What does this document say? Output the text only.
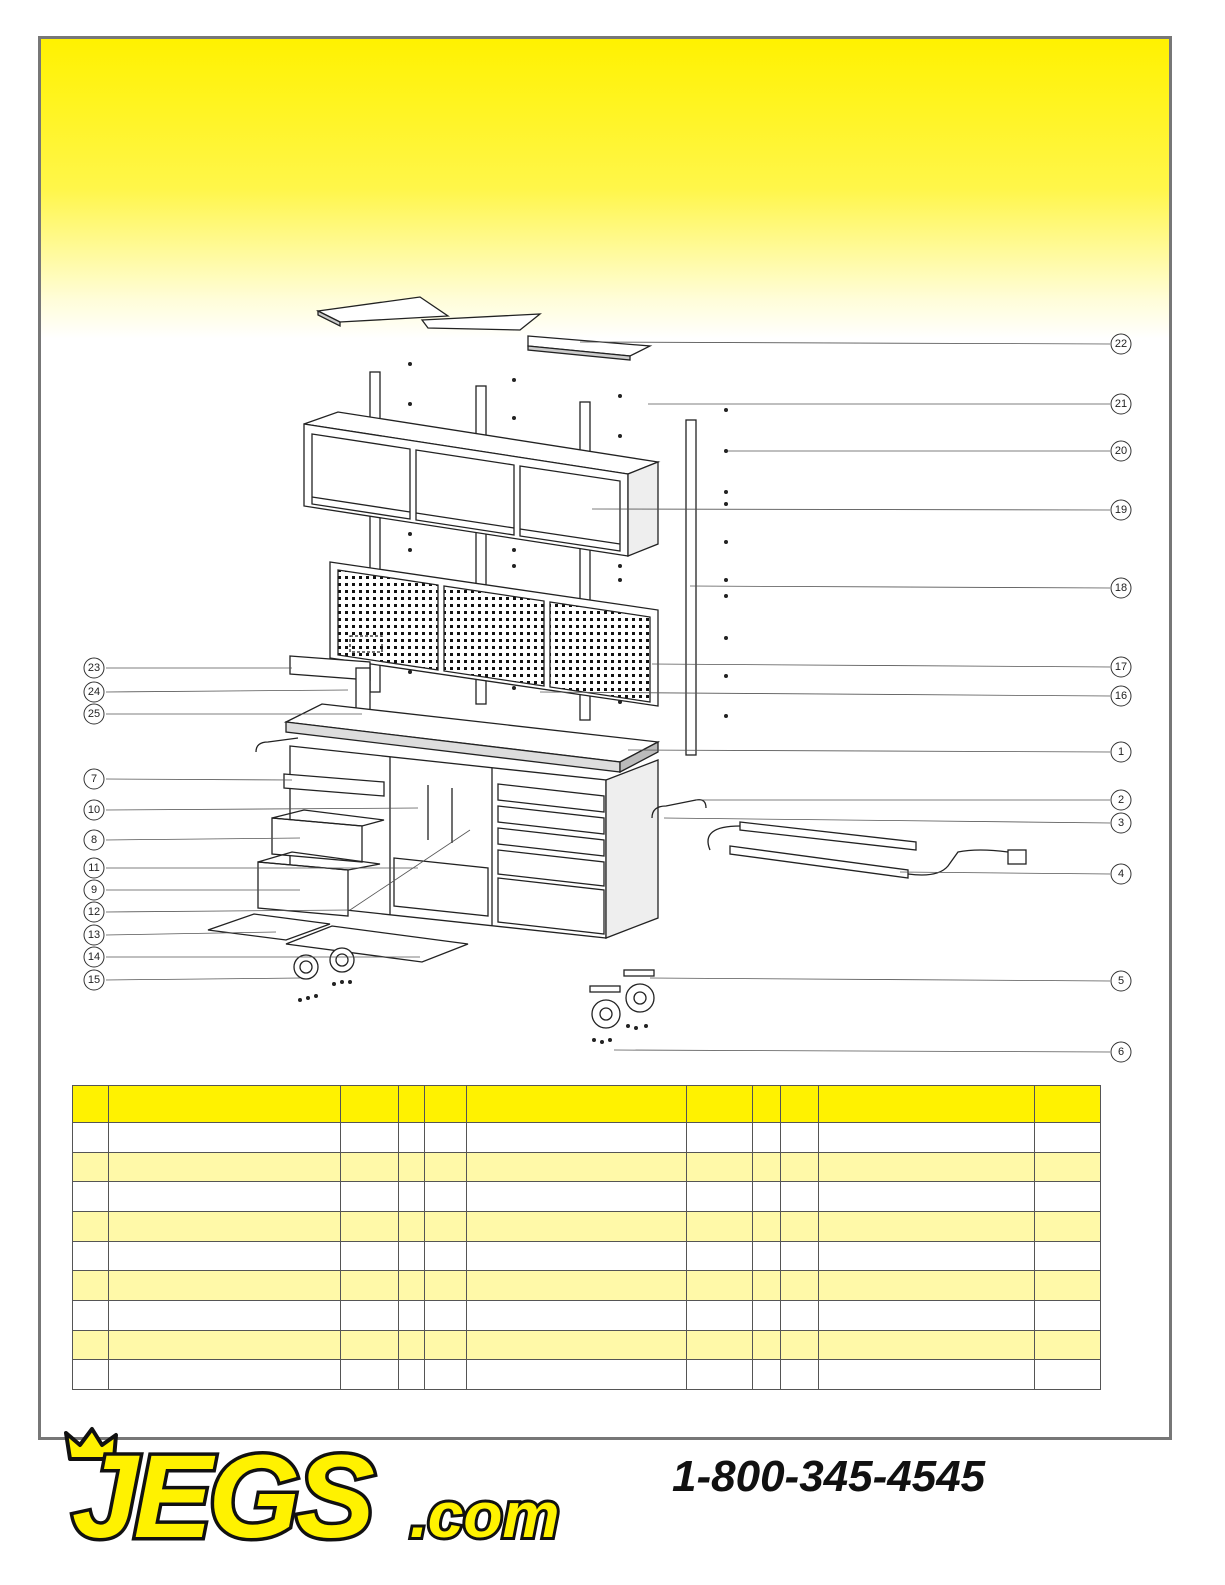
22
21
20
19
18
17
16
1
2
3
4
5
6
23
24
25
7
10
8
11
9
12
13
14
15

JEGS .com
1-800-345-4545
